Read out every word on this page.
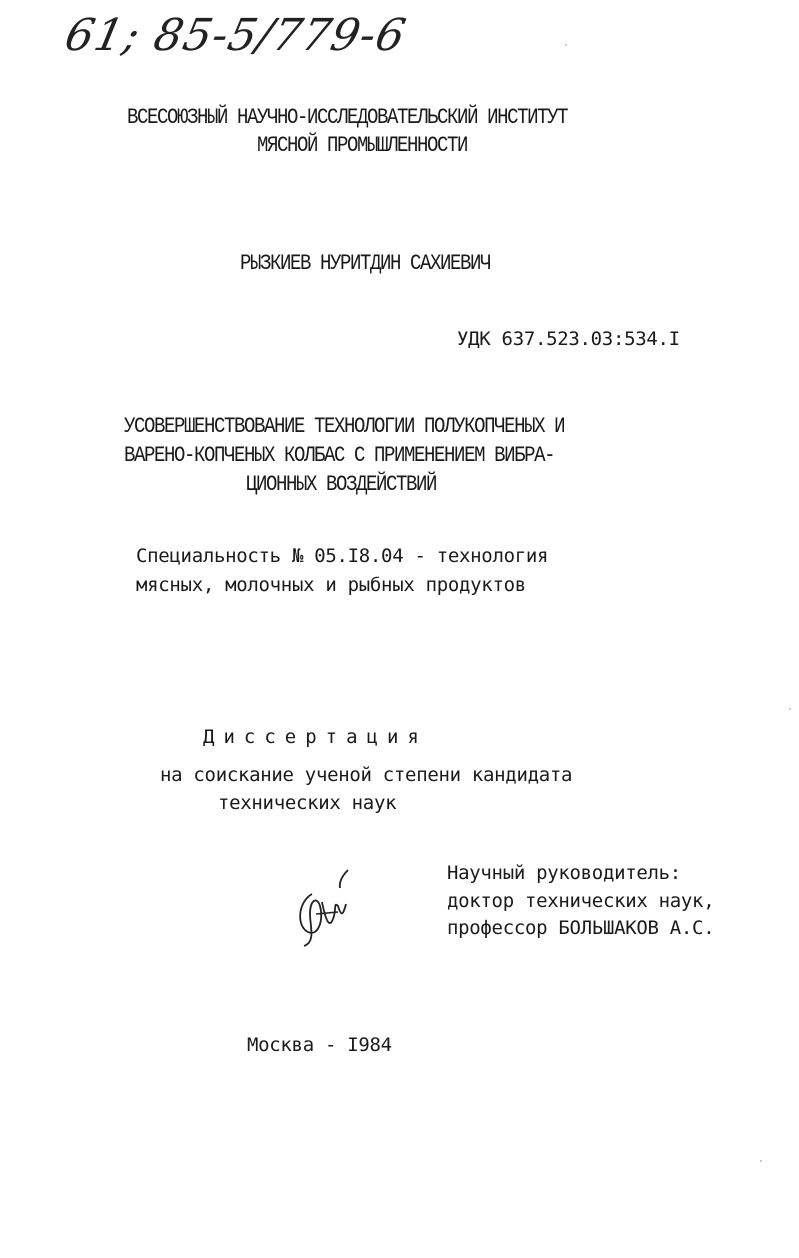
61; 85-5/779-6
ВСЕСОЮЗНЫЙ НАУЧНО-ИССЛЕДОВАТЕЛЬСКИЙ ИНСТИТУТ
МЯСНОЙ ПРОМЫШЛЕННОСТИ
РЫЗКИЕВ НУРИТДИН САХИЕВИЧ
УДК 637.523.03:534.I
УСОВЕРШЕНСТВОВАНИЕ ТЕХНОЛОГИИ ПОЛУКОПЧЕНЫХ И
ВАРЕНО-КОПЧЕНЫХ КОЛБАС С ПРИМЕНЕНИЕМ ВИБРА-
ЦИОННЫХ ВОЗДЕЙСТВИЙ
Специальность № 05.I8.04 - технология
мясных, молочных и рыбных продуктов
Диссертация
на соискание ученой степени кандидата
технических наук
Научный руководитель:
доктор технических наук,
профессор БОЛЬШАКОВ А.С.
Москва - I984
